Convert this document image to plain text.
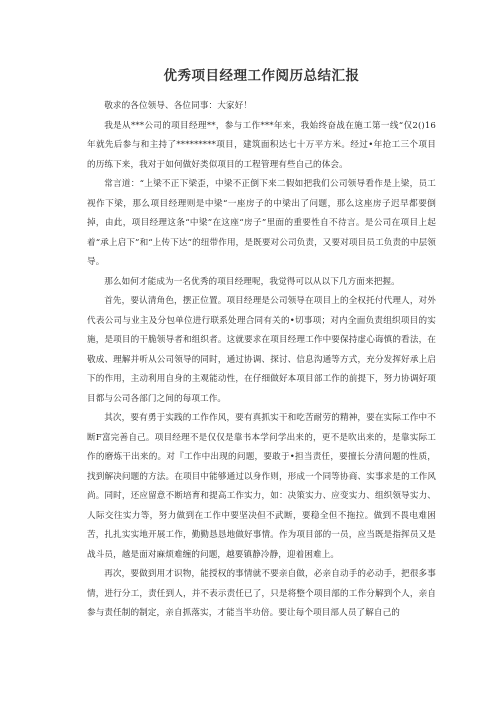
优秀项目经理工作阅历总结汇报

敬求的各位领导、各位同事：大家好！

我是从***公司的项目经理**，参与工作***年来，我始终奋战在施工第一线“仅2()16年就先后参与和主持了*********项目，建筑面积达七十万平方米。经过•年抢工三个项目的历练下来，我对于如何做好类似项目的工程管理有些自己的体会。

常言道：“上梁不正下梁歪，中梁不正倒下来二假如把我们公司领导看作是上梁，员工视作下梁，那么项目经理则是中梁“一座房子的中梁出了问题，那么这座房子迟早都要倒掉，由此，项目经理这条“中梁”在这座“房子”里面的重要性自不待言。是公司在项目上起着“承上启下”和“上传下达”的纽带作用，是既要对公司负责，又要对项目员工负责的中层领导。

那么如何才能成为一名优秀的项目经理呢，我觉得可以从以下几方面来把握。

首先，要认清角色，摆正位置。项目经理是公司领导在项目上的全权托付代理人，对外代表公司与业主及分包单位进行联系处理合同有关的•切事项；对内全面负责组织项目的实施，是项目的干脆领导者和组织者。这就要求在项目经理工作中要保持虚心诲慎的看法，在敬成、理解并听从公司领导的同时，通过协调、探讨、信息沟通等方式，充分发挥好承上启下的作用，主动利用自身的主观能动性，在仔细做好本项目部工作的前提下，努力协调好项目都与公司各部门之间的每项工作。

其次，要有勇于实践的工作作风，要有真抓实干和吃苦耐劳的精神，要在实际工作中不断F富完善自己。项目经理不是仅仅是靠书本学问学出来的，更不是吹出来的，是靠实际工作的磨炼干出来的。对『工作中出现的问题，要敢于•担当责任，要擅长分清问题的性质，找到解决问题的方法。在项目中能够通过以身作则，形成一个同等协商、实事求是的工作风尚。同时，还应留意不断培育和提高工作实力，如：决策实力、应变实力、组织领导实力、人际交往实力等，努力做到在工作中要坚决但不武断，要稳全但不拖拉。做到不畏电难困苦，扎扎实实地开展工作，勤勤恳恳地做好事情。作为项目部的一员，应当既是指挥员又是战斗员，越是面对麻烦难缠的问题，越要镇静冷静，迎着困难上。

再次，要做到用才识物，能授权的事情就不要亲自做，必亲自动手的必动手，把很多事情，进行分工，责任到人，并不表示责任已了，只是将整个项目部的工作分解到个人，亲自参与责任制的制定，亲自抓落实，才能当半功倍。要让每个项目部人员了解自己的
